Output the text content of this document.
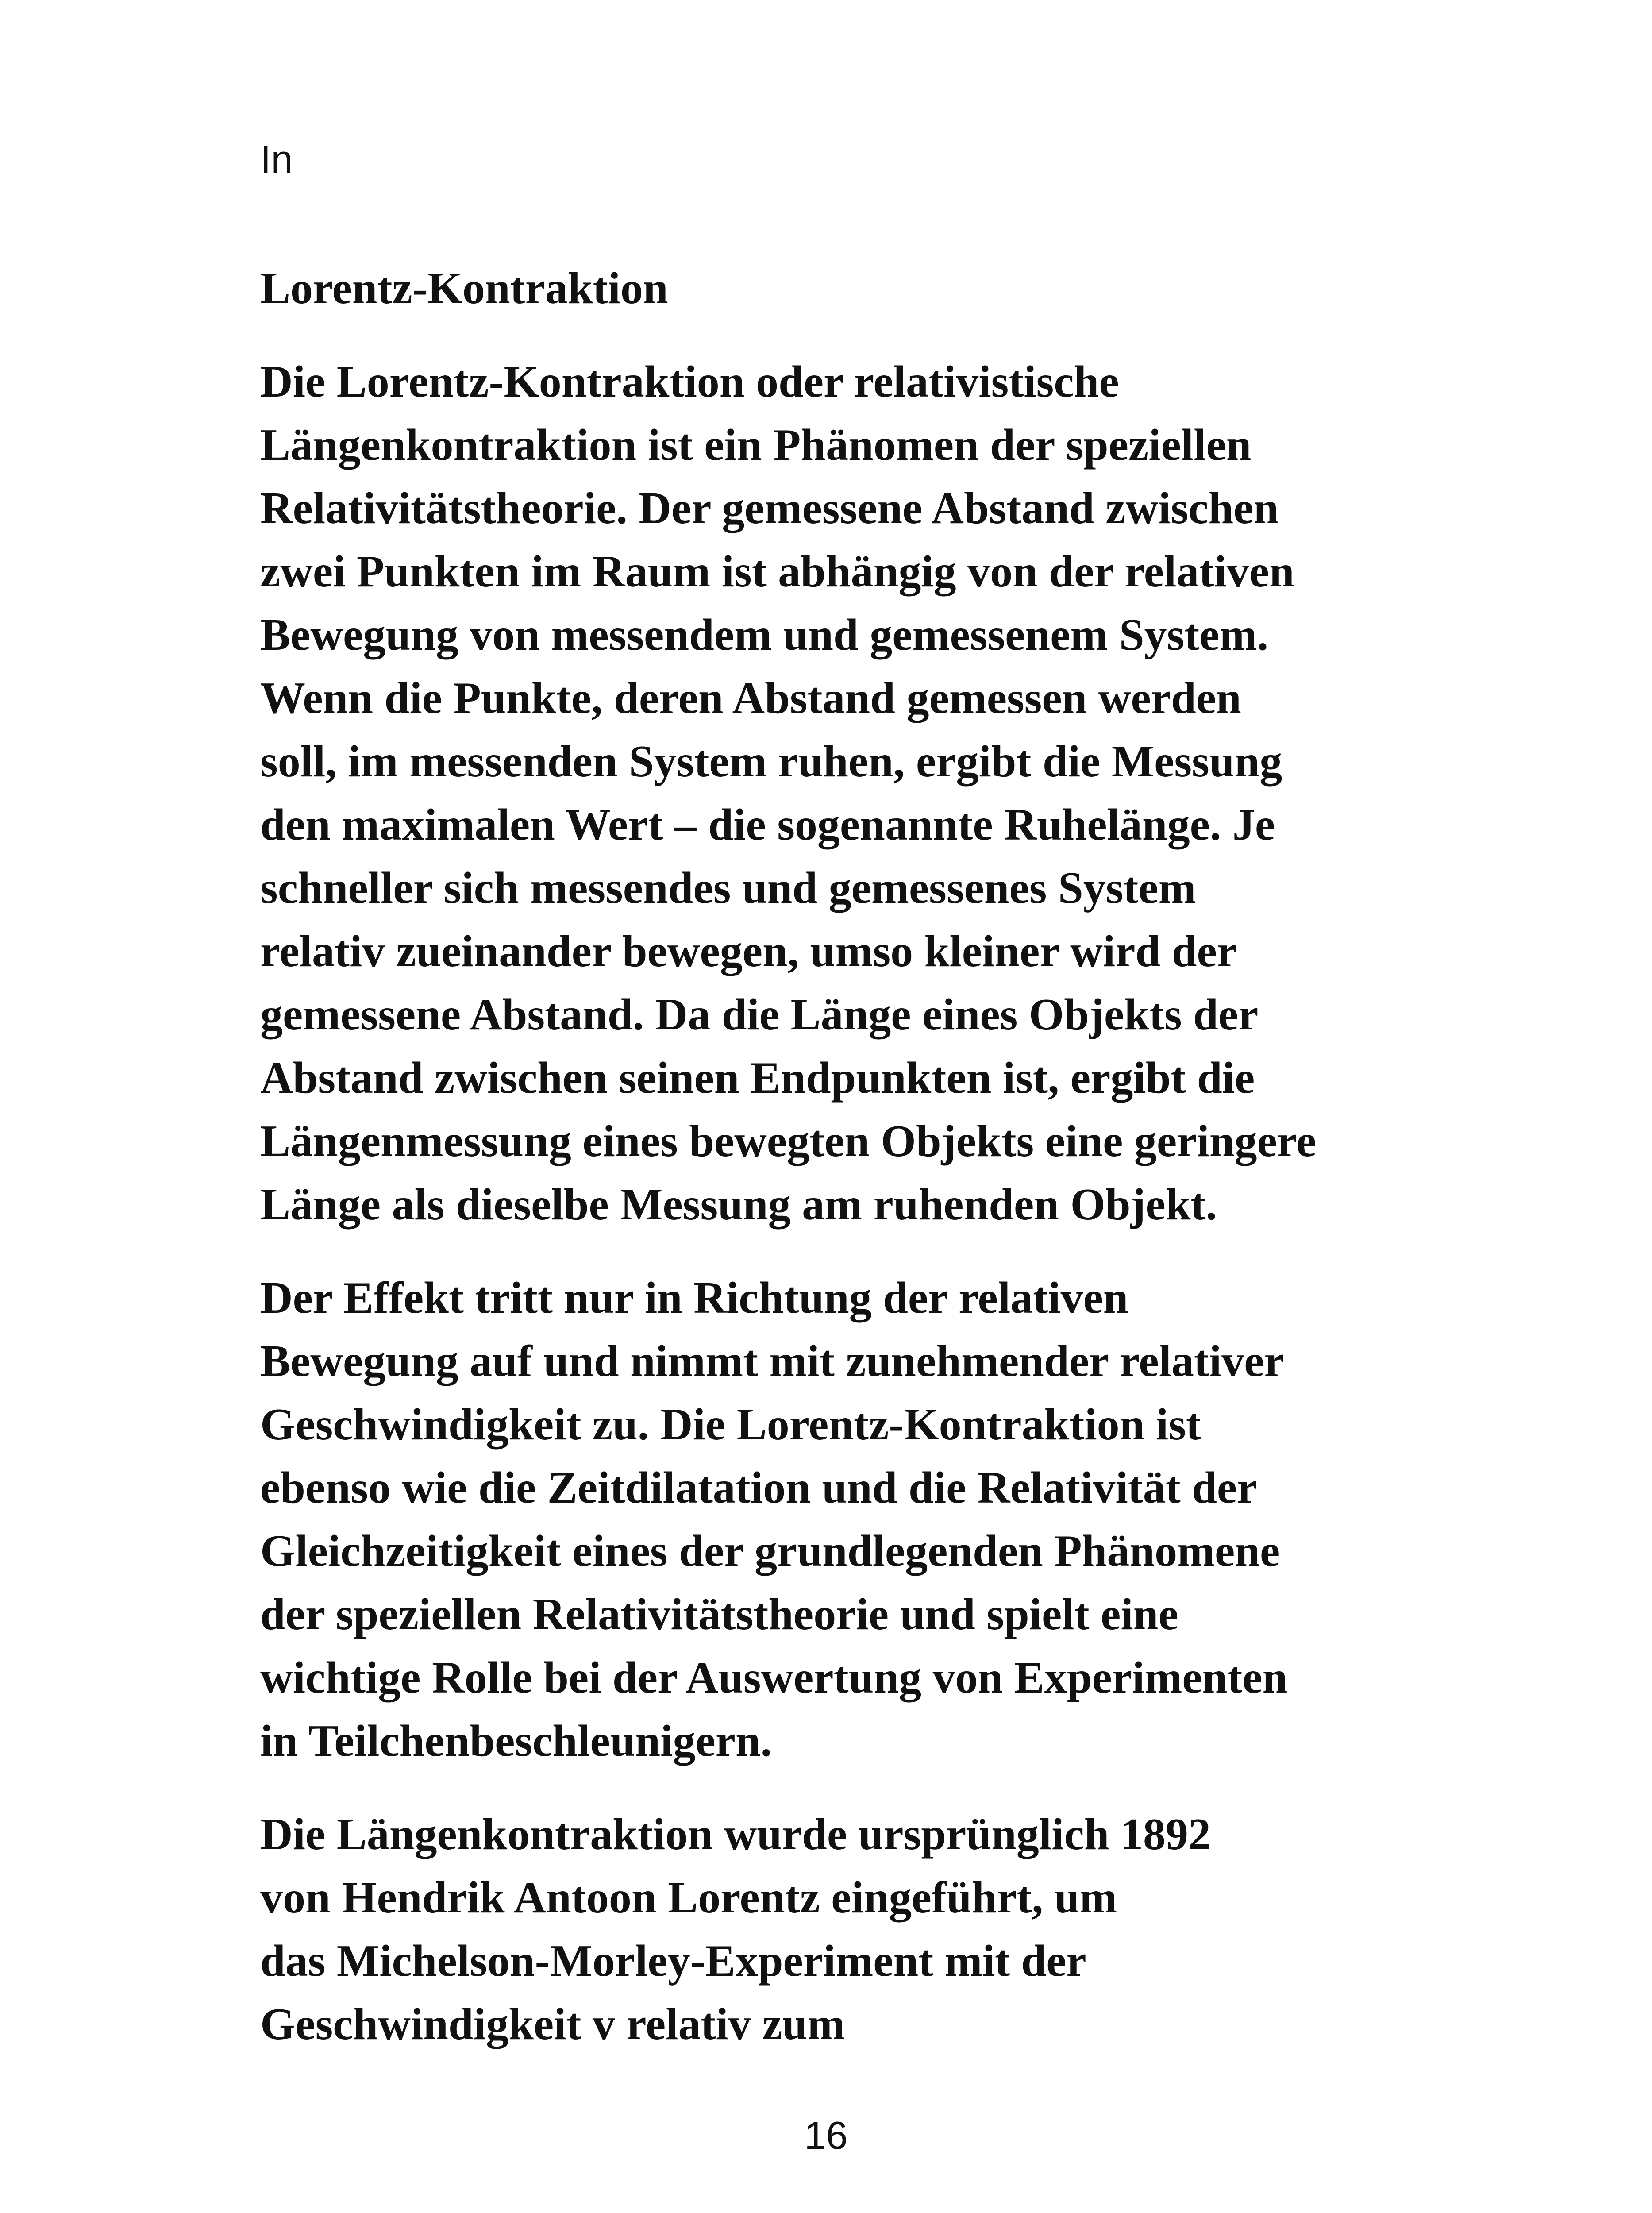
In

Lorentz-Kontraktion

Die Lorentz-Kontraktion oder relativistische
Längenkontraktion ist ein Phänomen der speziellen
Relativitätstheorie. Der gemessene Abstand zwischen
zwei Punkten im Raum ist abhängig von der relativen
Bewegung von messendem und gemessenem System.
Wenn die Punkte, deren Abstand gemessen werden
soll, im messenden System ruhen, ergibt die Messung
den maximalen Wert – die sogenannte Ruhelänge. Je
schneller sich messendes und gemessenes System
relativ zueinander bewegen, umso kleiner wird der
gemessene Abstand. Da die Länge eines Objekts der
Abstand zwischen seinen Endpunkten ist, ergibt die
Längenmessung eines bewegten Objekts eine geringere
Länge als dieselbe Messung am ruhenden Objekt.

Der Effekt tritt nur in Richtung der relativen
Bewegung auf und nimmt mit zunehmender relativer
Geschwindigkeit zu. Die Lorentz-Kontraktion ist
ebenso wie die Zeitdilatation und die Relativität der
Gleichzeitigkeit eines der grundlegenden Phänomene
der speziellen Relativitätstheorie und spielt eine
wichtige Rolle bei der Auswertung von Experimenten
in Teilchenbeschleunigern.

Die Längenkontraktion wurde ursprünglich 1892
von Hendrik Antoon Lorentz eingeführt, um
das Michelson-Morley-Experiment mit der
Geschwindigkeit v relativ zum

16
